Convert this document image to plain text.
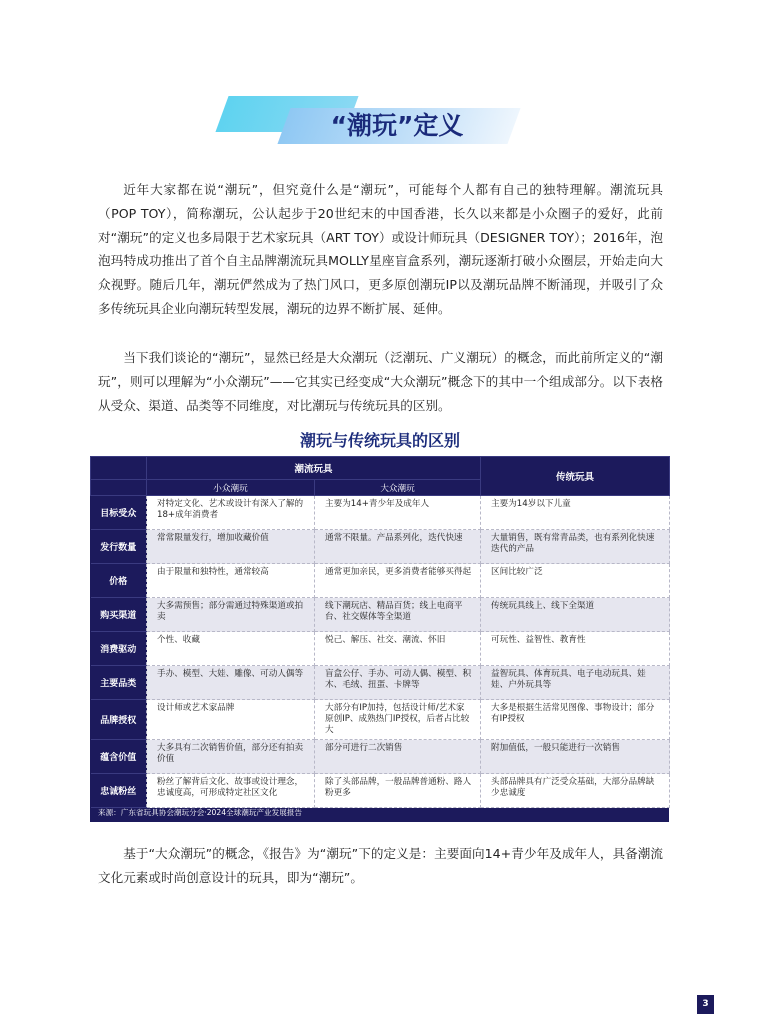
“潮玩”定义

近年大家都在说“潮玩”，但究竟什么是“潮玩”，可能每个人都有自己的独特理解。潮流玩具（POP TOY），简称潮玩，公认起步于20世纪末的中国香港，长久以来都是小众圈子的爱好，此前对“潮玩”的定义也多局限于艺术家玩具（ART TOY）或设计师玩具（DESIGNER TOY）；2016年，泡泡玛特成功推出了首个自主品牌潮流玩具MOLLY星座盲盒系列，潮玩逐渐打破小众圈层，开始走向大众视野。随后几年，潮玩俨然成为了热门风口，更多原创潮玩IP以及潮玩品牌不断涌现，并吸引了众多传统玩具企业向潮玩转型发展，潮玩的边界不断扩展、延伸。

当下我们谈论的“潮玩”，显然已经是大众潮玩（泛潮玩、广义潮玩）的概念，而此前所定义的“潮玩”，则可以理解为“小众潮玩”——它其实已经变成“大众潮玩”概念下的其中一个组成部分。以下表格从受众、渠道、品类等不同维度，对比潮玩与传统玩具的区别。

潮玩与传统玩具的区别
	潮流玩具		传统玩具
	小众潮玩	大众潮玩	
目标受众	对特定文化、艺术或设计有深入了解的18+成年消费者	主要为14+青少年及成年人	主要为14岁以下儿童
发行数量	常常限量发行，增加收藏价值	通常不限量。产品系列化，迭代快速	大量销售，既有常青品类，也有系列化快速迭代的产品
价格	由于限量和独特性，通常较高	通常更加亲民，更多消费者能够买得起	区间比较广泛
购买渠道	大多需预售；部分需通过特殊渠道或拍卖	线下潮玩店、精品百货；线上电商平台、社交媒体等全渠道	传统玩具线上、线下全渠道
消费驱动	个性、收藏	悦己、解压、社交、潮流、怀旧	可玩性、益智性、教育性
主要品类	手办、模型、大娃、雕像、可动人偶等	盲盒公仔、手办、可动人偶、模型、积木、毛绒、扭蛋、卡牌等	益智玩具、体育玩具、电子电动玩具、娃娃、户外玩具等
品牌授权	设计师或艺术家品牌	大部分有IP加持，包括设计师/艺术家原创IP、成熟热门IP授权，后者占比较大	大多是根据生活常见图像、事物设计；部分有IP授权
蕴含价值	大多具有二次销售价值，部分还有拍卖价值	部分可进行二次销售	附加值低，一般只能进行一次销售
忠诚粉丝	粉丝了解背后文化、故事或设计理念，忠诚度高，可形成特定社区文化	除了头部品牌，一般品牌普通粉、路人粉更多	头部品牌具有广泛受众基础，大部分品牌缺少忠诚度
来源：广东省玩具协会潮玩分会·2024全球潮玩产业发展报告

基于“大众潮玩”的概念，《报告》为“潮玩”下的定义是：主要面向14+青少年及成年人，具备潮流文化元素或时尚创意设计的玩具，即为“潮玩”。

3
